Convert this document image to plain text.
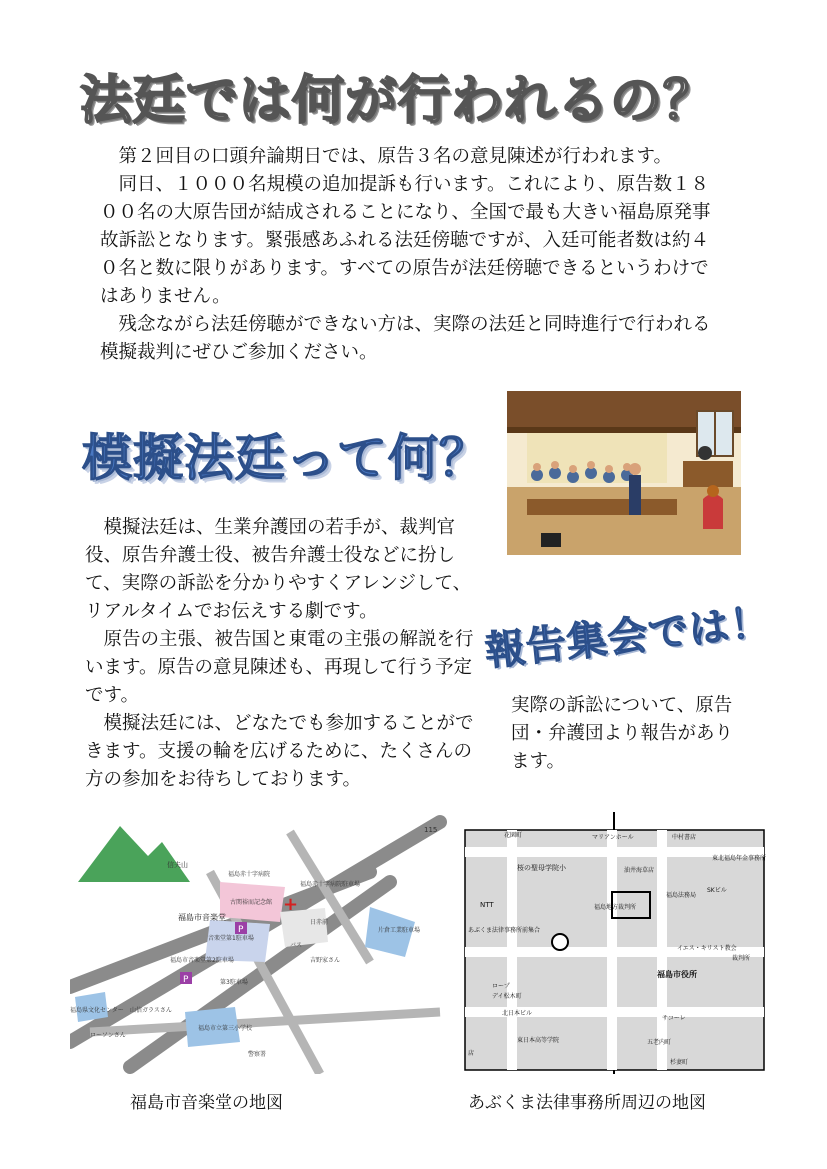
法廷では何が行われるの？
模擬法廷って何？
報告集会では！

　第２回目の口頭弁論期日では、原告３名の意見陳述が行われます。

　同日、１０００名規模の追加提訴も行います。これにより、原告数１８００名の大原告団が結成されることになり、全国で最も大きい福島原発事故訴訟となります。緊張感あふれる法廷傍聴ですが、入廷可能者数は約４０名と数に限りがあります。すべての原告が法廷傍聴できるというわけではありません。

　残念ながら法廷傍聴ができない方は、実際の法廷と同時進行で行われる模擬裁判にぜひご参加ください。

　模擬法廷は、生業弁護団の若手が、裁判官役、原告弁護士役、被告弁護士役などに扮して、実際の訴訟を分かりやすくアレンジして、リアルタイムでお伝えする劇です。

　原告の主張、被告国と東電の主張の解説を行います。原告の意見陳述も、再現して行う予定です。

　模擬法廷には、どなたでも参加することができます。支援の輪を広げるために、たくさんの方の参加をお待ちしております。

実際の訴訟について、原告団・弁護団より報告があります。

信夫山
福島赤十字病院
福島赤十字病院駐車場
古関裕而記念館
福島市音楽堂
音楽堂第1駐車場
福島市音楽堂第2駐車場
第3駐車場
日赤前
吉野家さん
福島県文化センター
ローソンさん
山信ガラスさん
福島市立第三小学校
115
バス
片倉工業駐車場
警察署
+
P
P
花園町	マリアンホール	中村書店
東北福島年金事務所
桜の聖母学院小	油井海草店
SKビル
福島地方裁判所
福島法務局
イエス・キリスト教会
NTT
あぶくま法律事務所前集合
裁判所
福島市役所
ロープ
デイ松木町
北日本ビル
サコーレ
東日本高等学院	五老内町
店
杉妻町
福島市音楽堂の地図	あぶくま法律事務所周辺の地図
